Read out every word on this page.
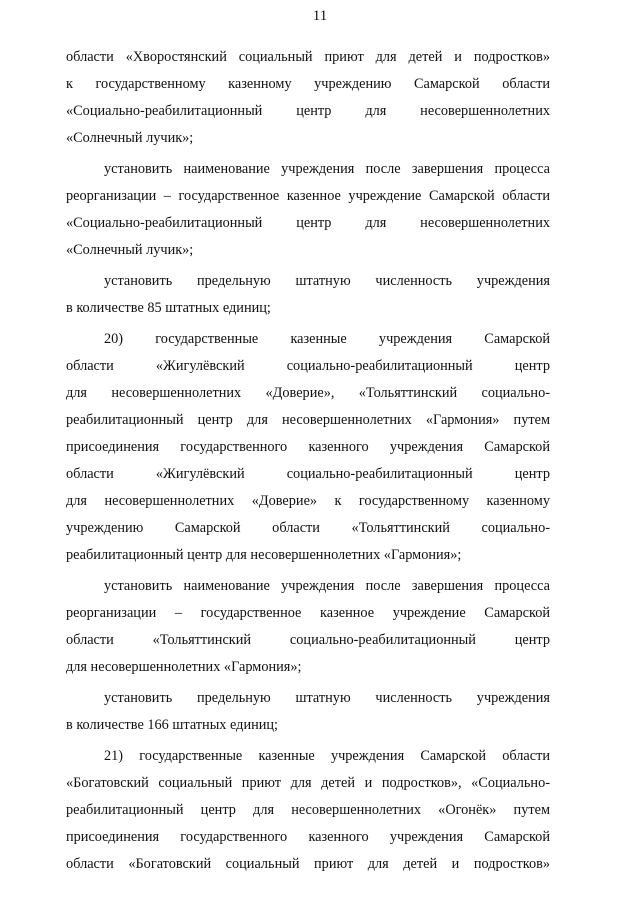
11
области «Хворостянский социальный приют для детей и подростков»
к государственному казенному учреждению Самарской области
«Социально-реабилитационный центр для несовершеннолетних
«Солнечный лучик»;
установить наименование учреждения после завершения процесса
реорганизации – государственное казенное учреждение Самарской области
«Социально-реабилитационный центр для несовершеннолетних
«Солнечный лучик»;
установить предельную штатную численность учреждения
в количестве 85 штатных единиц;
20) государственные казенные учреждения Самарской
области «Жигулёвский социально-реабилитационный центр
для несовершеннолетних «Доверие», «Тольяттинский социально-
реабилитационный центр для несовершеннолетних «Гармония» путем
присоединения государственного казенного учреждения Самарской
области «Жигулёвский социально-реабилитационный центр
для несовершеннолетних «Доверие» к государственному казенному
учреждению Самарской области «Тольяттинский социально-
реабилитационный центр для несовершеннолетних «Гармония»;
установить наименование учреждения после завершения процесса
реорганизации – государственное казенное учреждение Самарской
области «Тольяттинский социально-реабилитационный центр
для несовершеннолетних «Гармония»;
установить предельную штатную численность учреждения
в количестве 166 штатных единиц;
21) государственные казенные учреждения Самарской области
«Богатовский социальный приют для детей и подростков», «Социально-
реабилитационный центр для несовершеннолетних «Огонёк» путем
присоединения государственного казенного учреждения Самарской
области «Богатовский социальный приют для детей и подростков»
